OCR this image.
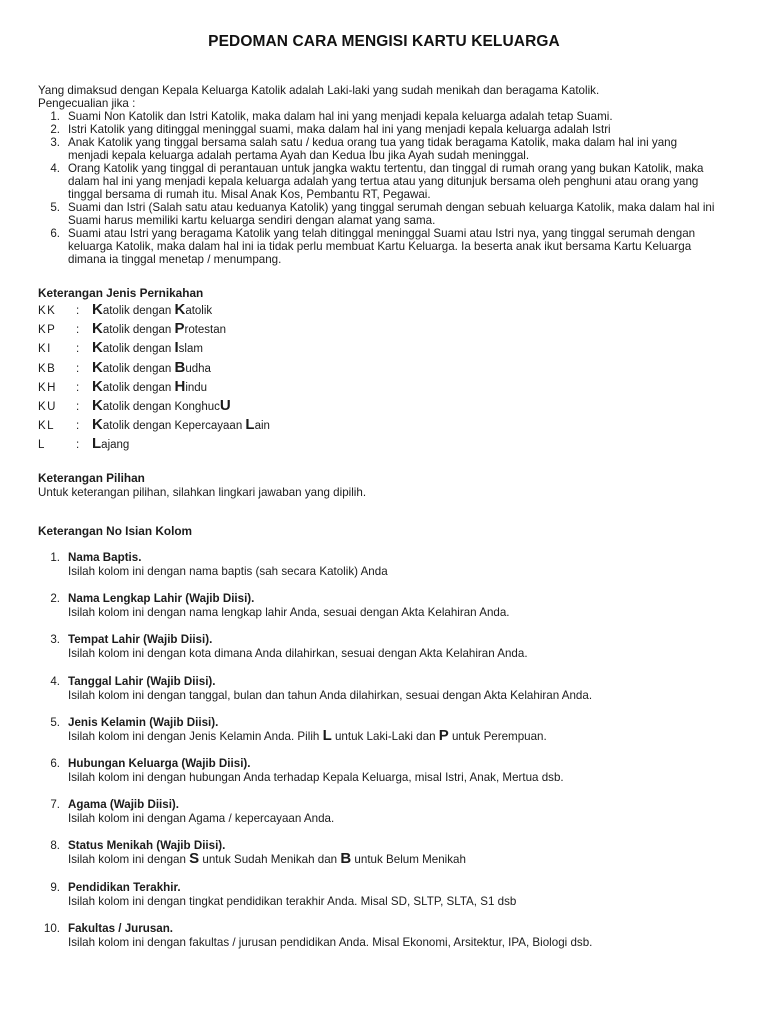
PEDOMAN CARA MENGISI KARTU KELUARGA
Yang dimaksud dengan Kepala Keluarga Katolik adalah Laki-laki yang sudah menikah dan beragama Katolik.
Pengecualian jika :
1. Suami Non Katolik dan Istri Katolik, maka dalam hal ini yang menjadi kepala keluarga adalah tetap Suami.
2. Istri Katolik yang ditinggal meninggal suami, maka dalam hal ini yang menjadi kepala keluarga adalah Istri
3. Anak Katolik yang tinggal bersama salah satu / kedua orang tua yang tidak beragama Katolik, maka dalam hal ini yang menjadi kepala keluarga adalah pertama Ayah dan Kedua Ibu jika Ayah sudah meninggal.
4. Orang Katolik yang tinggal di perantauan untuk jangka waktu tertentu, dan tinggal di rumah orang yang bukan Katolik, maka dalam hal ini yang menjadi kepala keluarga adalah yang tertua atau yang ditunjuk bersama oleh penghuni atau orang yang tinggal bersama di rumah itu. Misal Anak Kos, Pembantu RT, Pegawai.
5. Suami dan Istri (Salah satu atau keduanya Katolik) yang tinggal serumah dengan sebuah keluarga Katolik, maka dalam hal ini Suami harus memiliki kartu keluarga sendiri dengan alamat yang sama.
6. Suami atau Istri yang beragama Katolik yang telah ditinggal meninggal Suami atau Istri nya, yang tinggal serumah dengan keluarga Katolik, maka dalam hal ini ia tidak perlu membuat Kartu Keluarga. Ia beserta anak ikut bersama Kartu Keluarga dimana ia tinggal menetap / menumpang.
Keterangan Jenis Pernikahan
KK	: Katolik dengan Katolik
KP	: Katolik dengan Protestan
KI	: Katolik dengan Islam
KB	: Katolik dengan Budha
KH	: Katolik dengan Hindu
KU	: Katolik dengan KonghucU
KL	: Katolik dengan Kepercayaan Lain
L	: Lajang
Keterangan Pilihan
Untuk keterangan pilihan, silahkan lingkari jawaban yang dipilih.
Keterangan No Isian Kolom
1. Nama Baptis.
Isilah kolom ini dengan nama baptis (sah secara Katolik) Anda
2. Nama Lengkap Lahir (Wajib Diisi).
Isilah kolom ini dengan nama lengkap lahir Anda, sesuai dengan Akta Kelahiran Anda.
3. Tempat Lahir (Wajib Diisi).
Isilah kolom ini dengan kota dimana Anda dilahirkan, sesuai dengan Akta Kelahiran Anda.
4. Tanggal Lahir (Wajib Diisi).
Isilah kolom ini dengan tanggal, bulan dan tahun Anda dilahirkan, sesuai dengan Akta Kelahiran Anda.
5. Jenis Kelamin (Wajib Diisi).
Isilah kolom ini dengan Jenis Kelamin Anda. Pilih L untuk Laki-Laki dan P untuk Perempuan.
6. Hubungan Keluarga (Wajib Diisi).
Isilah kolom ini dengan hubungan Anda terhadap Kepala Keluarga, misal Istri, Anak, Mertua dsb.
7. Agama (Wajib Diisi).
Isilah kolom ini dengan Agama / kepercayaan Anda.
8. Status Menikah (Wajib Diisi).
Isilah kolom ini dengan S untuk Sudah Menikah dan B untuk Belum Menikah
9. Pendidikan Terakhir.
Isilah kolom ini dengan tingkat pendidikan terakhir Anda. Misal SD, SLTP, SLTA, S1 dsb
10. Fakultas / Jurusan.
Isilah kolom ini dengan fakultas / jurusan pendidikan Anda. Misal Ekonomi, Arsitektur, IPA, Biologi dsb.
